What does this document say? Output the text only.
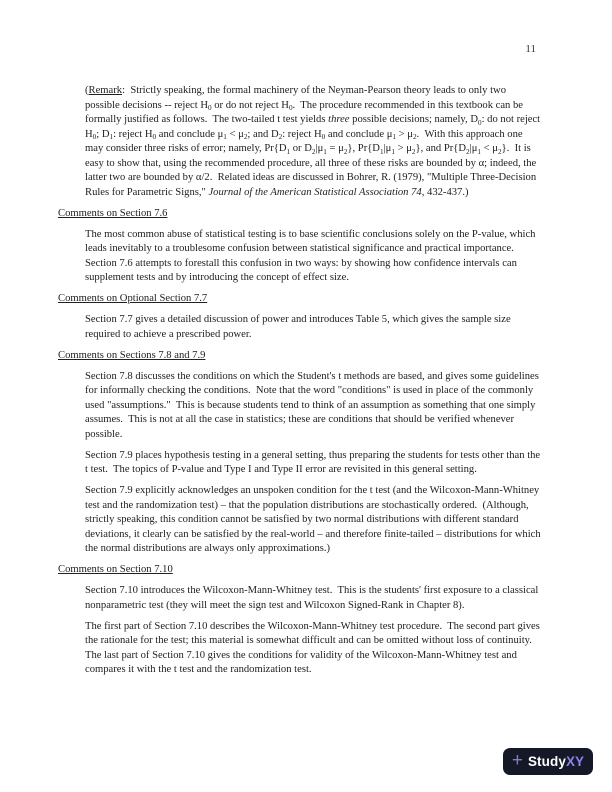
11

(Remark:  Strictly speaking, the formal machinery of the Neyman-Pearson theory leads to only two possible decisions -- reject $H_0$ or do not reject $H_0$.  The procedure recommended in this textbook can be formally justified as follows.  The two-tailed t test yields three possible decisions; namely, $D_0$: do not reject $H_0$; $D_1$: reject $H_0$ and conclude $\mu_1 < \mu_2$; and $D_2$: reject $H_0$ and conclude $\mu_1 > \mu_2$.  With this approach one may consider three risks of error; namely, $Pr\{D_1$ or $D_2|\mu_1 = \mu_2$}, $Pr\{D_1|\mu_1 > \mu_2\}$, and $Pr\{D_2|\mu_1 < \mu_2\}$.  It is easy to show that, using the recommended procedure, all three of these risks are bounded by α; indeed, the latter two are bounded by α/2.  Related ideas are discussed in Bohrer, R. (1979), "Multiple Three-Decision Rules for Parametric Signs," Journal of the American Statistical Association 74, 432-437.)

Comments on Section 7.6

The most common abuse of statistical testing is to base scientific conclusions solely on the P-value, which leads inevitably to a troublesome confusion between statistical significance and practical importance.  Section 7.6 attempts to forestall this confusion in two ways: by showing how confidence intervals can supplement tests and by introducing the concept of effect size.

Comments on Optional Section 7.7

Section 7.7 gives a detailed discussion of power and introduces Table 5, which gives the sample size required to achieve a prescribed power.

Comments on Sections 7.8 and 7.9

Section 7.8 discusses the conditions on which the Student's t methods are based, and gives some guidelines for informally checking the conditions.  Note that the word "conditions" is used in place of the commonly used "assumptions."  This is because students tend to think of an assumption as something that one simply assumes.  This is not at all the case in statistics; these are conditions that should be verified whenever possible.

Section 7.9 places hypothesis testing in a general setting, thus preparing the students for tests other than the t test.  The topics of P-value and Type I and Type II error are revisited in this general setting.

Section 7.9 explicitly acknowledges an unspoken condition for the t test (and the Wilcoxon-Mann-Whitney test and the randomization test) – that the population distributions are stochastically ordered.  (Although, strictly speaking, this condition cannot be satisfied by two normal distributions with different standard deviations, it clearly can be satisfied by the real-world – and therefore finite-tailed – distributions for which the normal distributions are always only approximations.)

Comments on Section 7.10

Section 7.10 introduces the Wilcoxon-Mann-Whitney test.  This is the students' first exposure to a classical nonparametric test (they will meet the sign test and Wilcoxon Signed-Rank in Chapter 8).

The first part of Section 7.10 describes the Wilcoxon-Mann-Whitney test procedure.  The second part gives the rationale for the test; this material is somewhat difficult and can be omitted without loss of continuity.  The last part of Section 7.10 gives the conditions for validity of the Wilcoxon-Mann-Whitney test and compares it with the t test and the randomization test.

+ Study XY
